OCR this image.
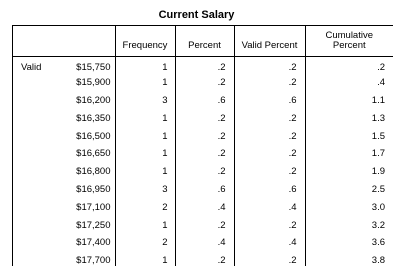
Current Salary
		Frequency	Percent	Valid Percent	Cumulative
Percent
Valid	$15,750	1	.2	.2	.2
	$15,900	1	.2	.2	.4
	$16,200	3	.6	.6	1.1
	$16,350	1	.2	.2	1.3
	$16,500	1	.2	.2	1.5
	$16,650	1	.2	.2	1.7
	$16,800	1	.2	.2	1.9
	$16,950	3	.6	.6	2.5
	$17,100	2	.4	.4	3.0
	$17,250	1	.2	.2	3.2
	$17,400	2	.4	.4	3.6
	$17,700	1	.2	.2	3.8
